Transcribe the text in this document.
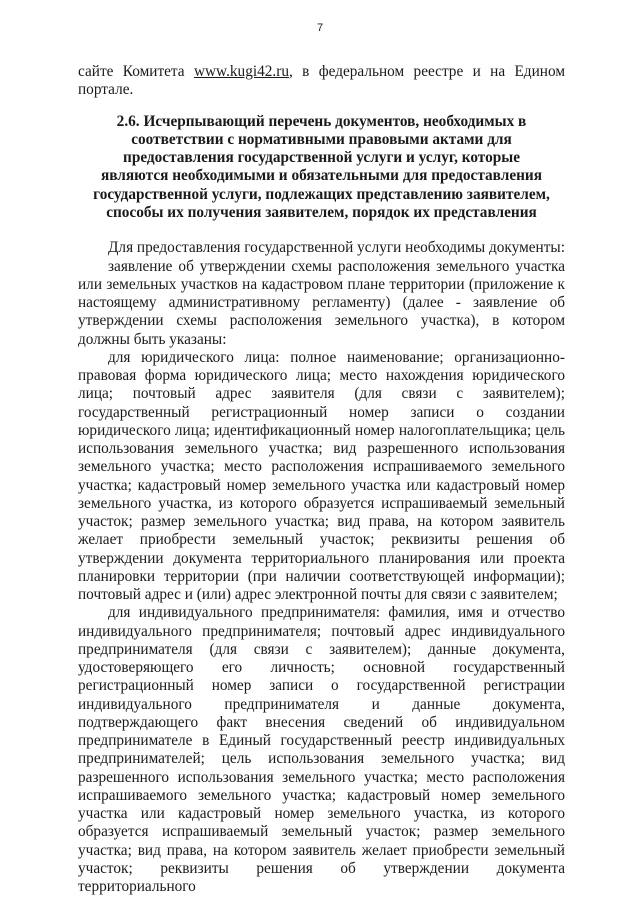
7

сайте Комитета www.kugi42.ru, в федеральном реестре и на Едином портале.

2.6. Исчерпывающий перечень документов, необходимых в соответствии с нормативными правовыми актами для предоставления государственной услуги и услуг, которые являются необходимыми и обязательными для предоставления государственной услуги, подлежащих представлению заявителем, способы их получения заявителем, порядок их представления

Для предоставления государственной услуги необходимы документы:

заявление об утверждении схемы расположения земельного участка или земельных участков на кадастровом плане территории (приложение к настоящему административному регламенту) (далее - заявление об утверждении схемы расположения земельного участка), в котором должны быть указаны:

для юридического лица: полное наименование; организационно-правовая форма юридического лица; место нахождения юридического лица; почтовый адрес заявителя (для связи с заявителем); государственный регистрационный номер записи о создании юридического лица; идентификационный номер налогоплательщика; цель использования земельного участка; вид разрешенного использования земельного участка; место расположения испрашиваемого земельного участка; кадастровый номер земельного участка или кадастровый номер земельного участка, из которого образуется испрашиваемый земельный участок; размер земельного участка; вид права, на котором заявитель желает приобрести земельный участок; реквизиты решения об утверждении документа территориального планирования или проекта планировки территории (при наличии соответствующей информации); почтовый адрес и (или) адрес электронной почты для связи с заявителем;

для индивидуального предпринимателя: фамилия, имя и отчество индивидуального предпринимателя; почтовый адрес индивидуального предпринимателя (для связи с заявителем); данные документа, удостоверяющего его личность; основной государственный регистрационный номер записи о государственной регистрации индивидуального предпринимателя и данные документа, подтверждающего факт внесения сведений об индивидуальном предпринимателе в Единый государственный реестр индивидуальных предпринимателей; цель использования земельного участка; вид разрешенного использования земельного участка; место расположения испрашиваемого земельного участка; кадастровый номер земельного участка или кадастровый номер земельного участка, из которого образуется испрашиваемый земельный участок; размер земельного участка; вид права, на котором заявитель желает приобрести земельный участок; реквизиты решения об утверждении документа территориального
